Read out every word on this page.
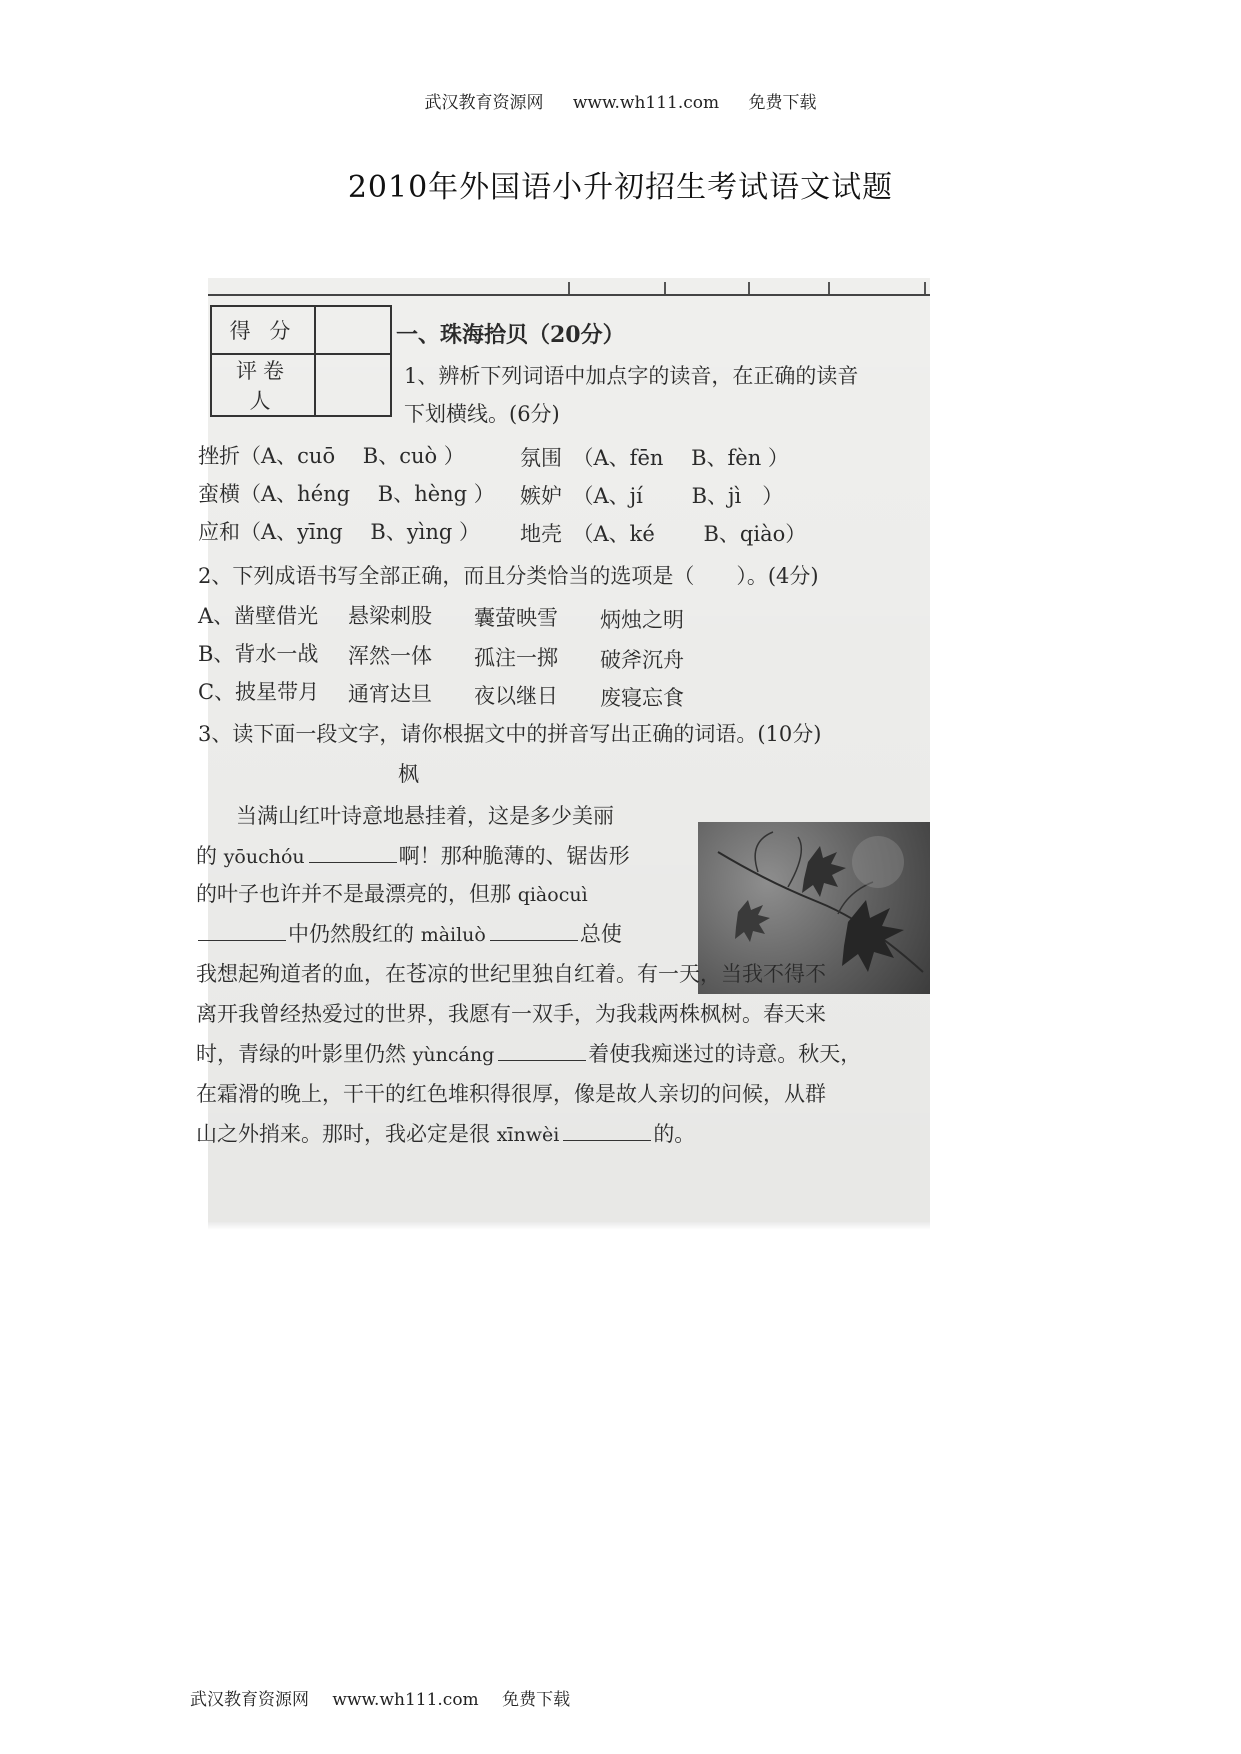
武汉教育资源网 www.wh111.com 免费下载
2010年外国语小升初招生考试语文试题
得 分	
评卷人	
一、珠海拾贝（20分）
1、辨析下列词语中加点字的读音，在正确的读音
下划横线。(6分)
挫折（A、cuō　 B、cuò ）	氛围　（A、fēn　 B、fèn ）
蛮横（A、héng　 B、hèng ） 嫉妒　（A、jí　　 B、jì　）
应和（A、yīng　 B、yìng ） 地壳　（A、ké　　 B、qiào）
2、下列成语书写全部正确，而且分类恰当的选项是（　　）。(4分)
A、凿壁借光 悬梁刺股 囊萤映雪 炳烛之明
B、背水一战 浑然一体 孤注一掷 破斧沉舟
C、披星带月 通宵达旦 夜以继日 废寝忘食
3、读下面一段文字，请你根据文中的拼音写出正确的词语。(10分)
枫
当满山红叶诗意地悬挂着，这是多少美丽
的 yōuchóu	啊！那种脆薄的、锯齿形
的叶子也许并不是最漂亮的，但那 qiàocuì
中仍然殷红的 màiluò	总使
我想起殉道者的血，在苍凉的世纪里独自红着。有一天，当我不得不
离开我曾经热爱过的世界，我愿有一双手，为我栽两株枫树。春天来
时，青绿的叶影里仍然 yùncáng	着使我痴迷过的诗意。秋天，
在霜滑的晚上，干干的红色堆积得很厚，像是故人亲切的问候，从群
山之外捎来。那时，我必定是很 xīnwèi	的。
武汉教育资源网 www.wh111.com 免费下载
